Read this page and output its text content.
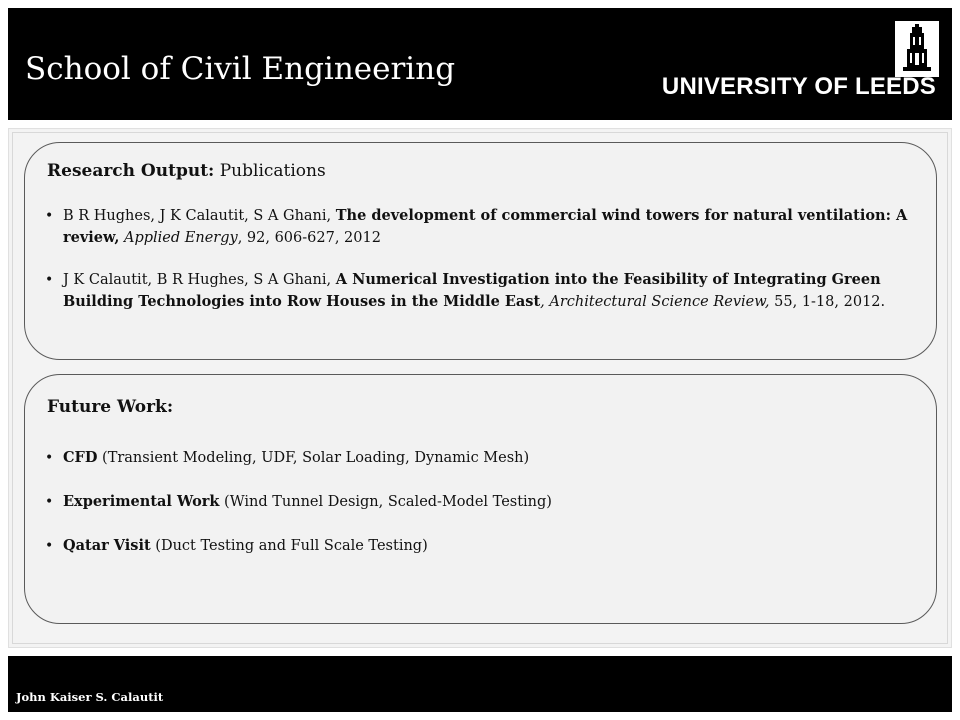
School of Civil Engineering	UNIVERSITY OF LEEDS
Research Output: Publications
• B R Hughes, J K Calautit, S A Ghani, The development of commercial wind towers for natural ventilation: A review, Applied Energy, 92, 606-627, 2012
• J K Calautit, B R Hughes, S A Ghani, A Numerical Investigation into the Feasibility of Integrating Green Building Technologies into Row Houses in the Middle East, Architectural Science Review, 55, 1-18, 2012.
Future Work:
• CFD (Transient Modeling, UDF, Solar Loading, Dynamic Mesh)
• Experimental Work (Wind Tunnel Design, Scaled-Model Testing)
• Qatar Visit (Duct Testing and Full Scale Testing)
John Kaiser S. Calautit
